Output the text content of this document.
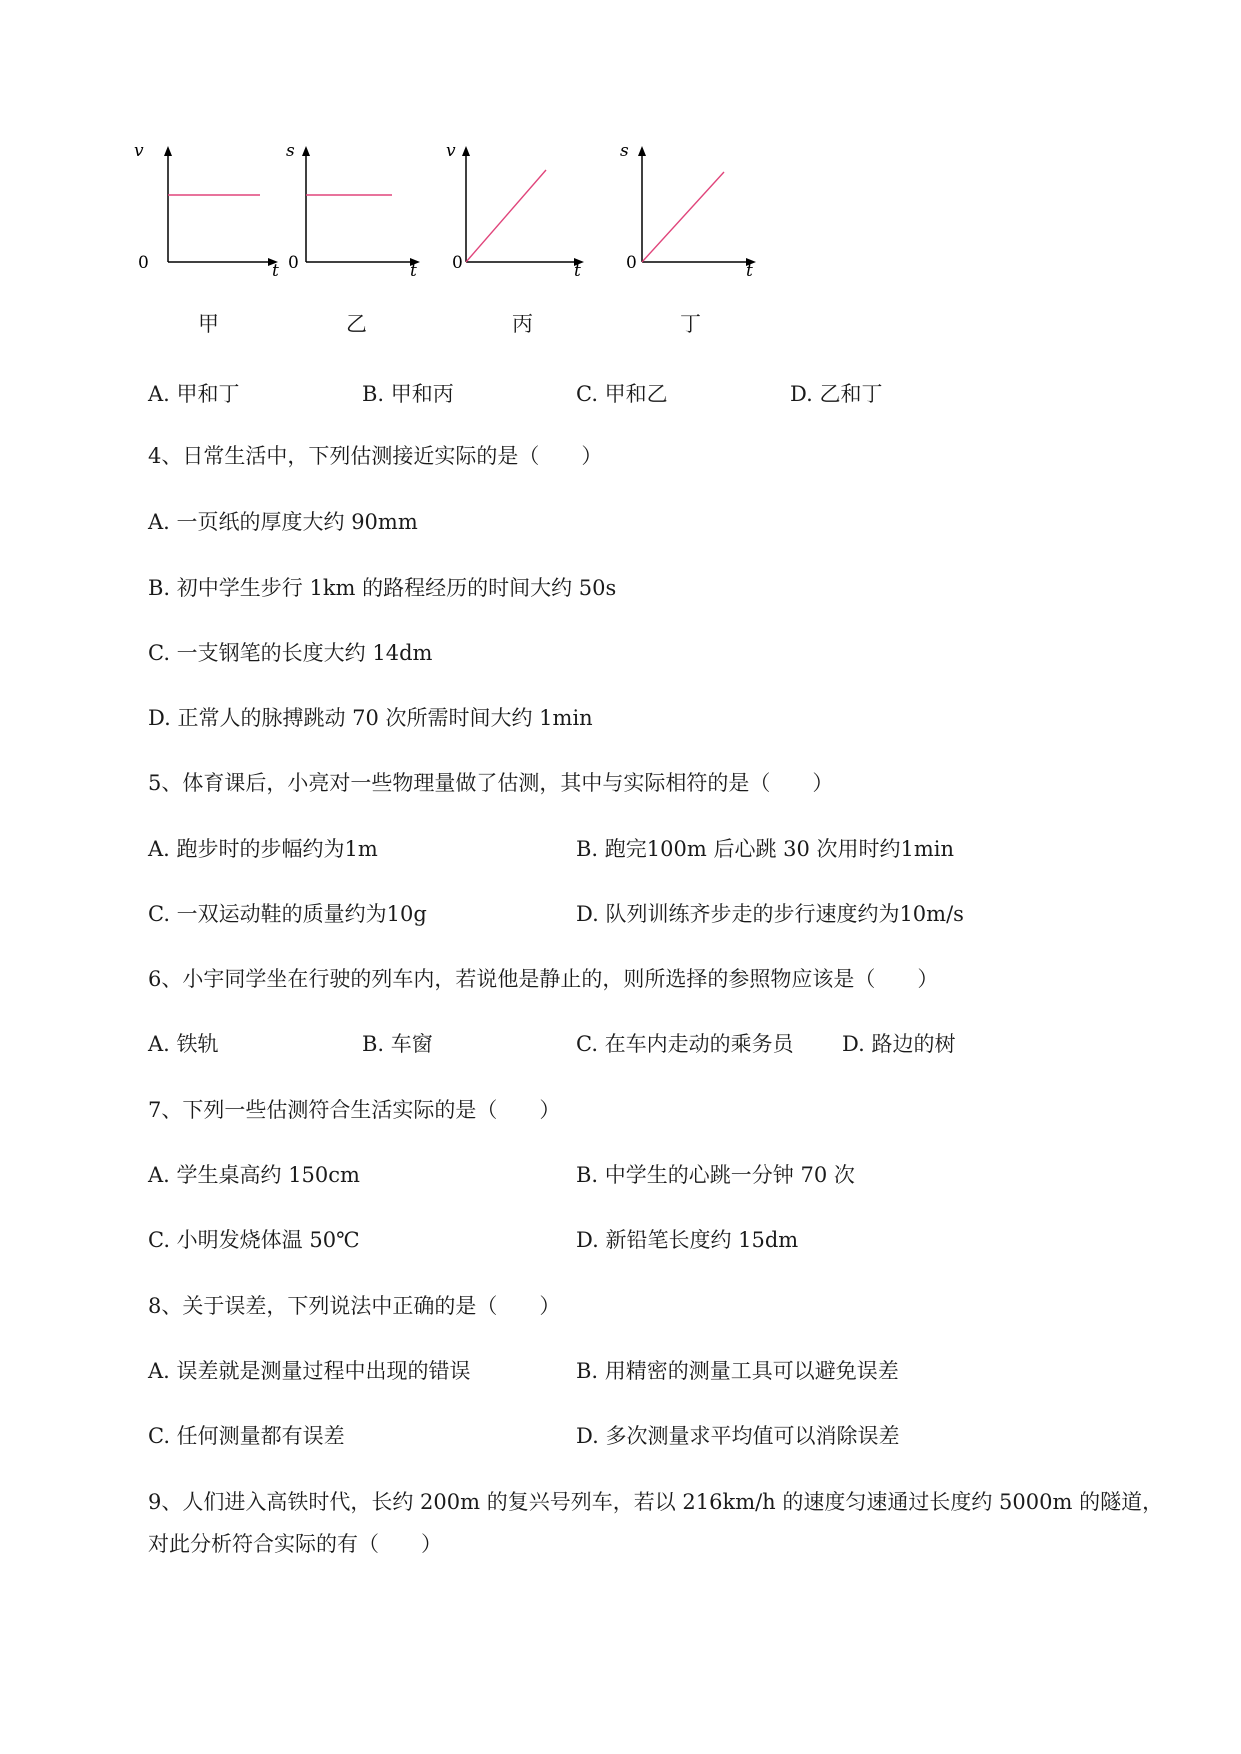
v
t
0
甲
s
t
0
乙
v
t
0
丙
s
t
0
丁
A. 甲和丁	B. 甲和丙	C. 甲和乙	D. 乙和丁
4、日常生活中，下列估测接近实际的是（　　）
A. 一页纸的厚度大约 90mm
B. 初中学生步行 1km 的路程经历的时间大约 50s
C. 一支钢笔的长度大约 14dm
D. 正常人的脉搏跳动 70 次所需时间大约 1min
5、体育课后，小亮对一些物理量做了估测，其中与实际相符的是（　　）
A. 跑步时的步幅约为1m	B. 跑完100m 后心跳 30 次用时约1min
C. 一双运动鞋的质量约为10g	D. 队列训练齐步走的步行速度约为10m/s
6、小宇同学坐在行驶的列车内，若说他是静止的，则所选择的参照物应该是（　　）
A. 铁轨	B. 车窗	C. 在车内走动的乘务员 D. 路边的树
7、下列一些估测符合生活实际的是（　　）
A. 学生桌高约 150cm	B. 中学生的心跳一分钟 70 次
C. 小明发烧体温 50℃	D. 新铅笔长度约 15dm
8、关于误差，下列说法中正确的是（　　）
A. 误差就是测量过程中出现的错误	B. 用精密的测量工具可以避免误差
C. 任何测量都有误差	D. 多次测量求平均值可以消除误差
9、人们进入高铁时代，长约 200m 的复兴号列车，若以 216km/h 的速度匀速通过长度约 5000m 的隧道，
对此分析符合实际的有（　　）
